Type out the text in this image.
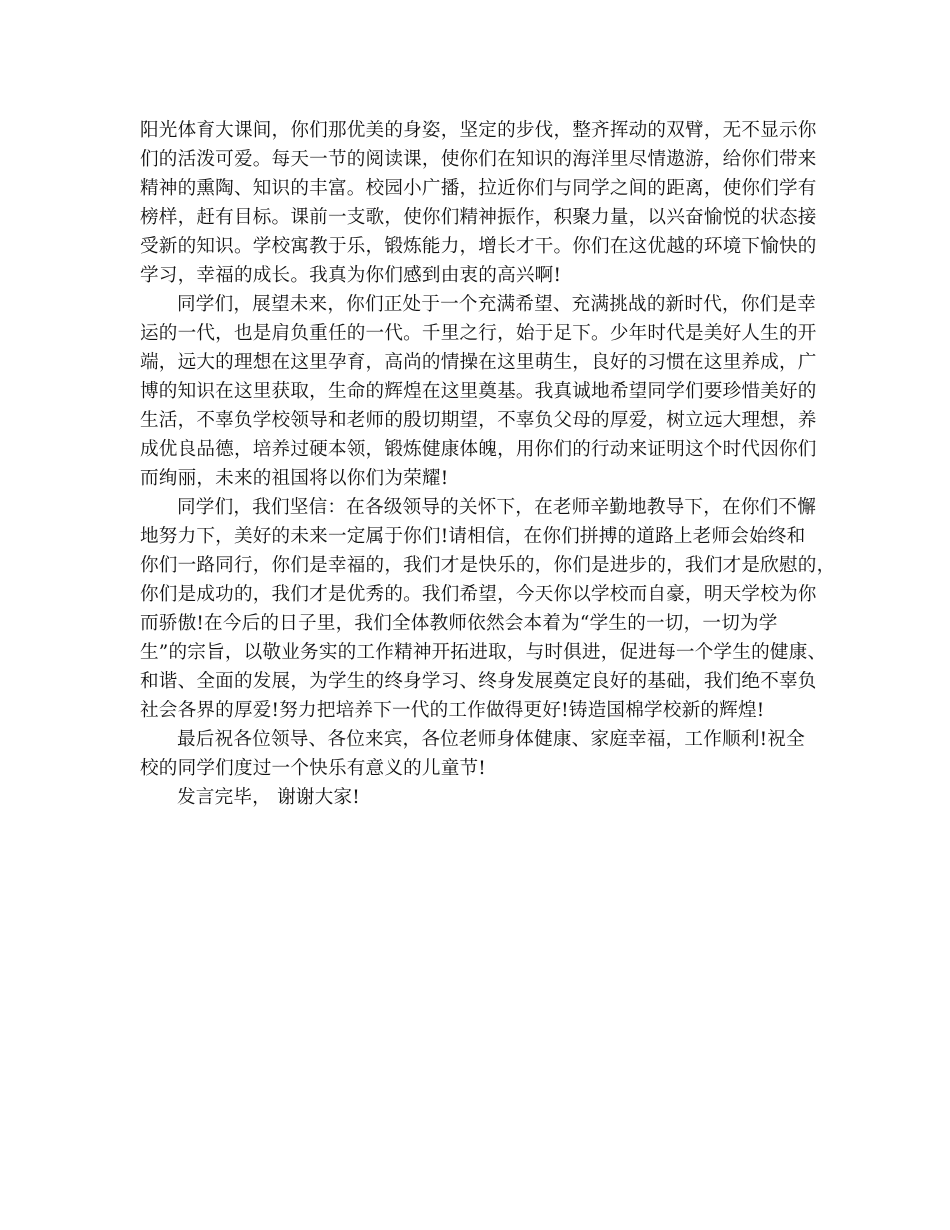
阳光体育大课间，你们那优美的身姿，坚定的步伐，整齐挥动的双臂，无不显示你
们的活泼可爱。每天一节的阅读课，使你们在知识的海洋里尽情遨游，给你们带来
精神的熏陶、知识的丰富。校园小广播，拉近你们与同学之间的距离，使你们学有
榜样，赶有目标。课前一支歌，使你们精神振作，积聚力量，以兴奋愉悦的状态接
受新的知识。学校寓教于乐，锻炼能力，增长才干。你们在这优越的环境下愉快的
学习，幸福的成长。我真为你们感到由衷的高兴啊!

同学们，展望未来，你们正处于一个充满希望、充满挑战的新时代，你们是幸
运的一代，也是肩负重任的一代。千里之行，始于足下。少年时代是美好人生的开
端，远大的理想在这里孕育，高尚的情操在这里萌生，良好的习惯在这里养成，广
博的知识在这里获取，生命的辉煌在这里奠基。我真诚地希望同学们要珍惜美好的
生活，不辜负学校领导和老师的殷切期望，不辜负父母的厚爱，树立远大理想，养
成优良品德，培养过硬本领，锻炼健康体魄，用你们的行动来证明这个时代因你们
而绚丽，未来的祖国将以你们为荣耀!

同学们，我们坚信：在各级领导的关怀下，在老师辛勤地教导下，在你们不懈
地努力下，美好的未来一定属于你们!请相信，在你们拼搏的道路上老师会始终和
你们一路同行，你们是幸福的，我们才是快乐的，你们是进步的，我们才是欣慰的，
你们是成功的，我们才是优秀的。我们希望，今天你以学校而自豪，明天学校为你
而骄傲!在今后的日子里，我们全体教师依然会本着为“学生的一切，一切为学
生”的宗旨，以敬业务实的工作精神开拓进取，与时俱进，促进每一个学生的健康、
和谐、全面的发展，为学生的终身学习、终身发展奠定良好的基础，我们绝不辜负
社会各界的厚爱!努力把培养下一代的工作做得更好!铸造国棉学校新的辉煌!

最后祝各位领导、各位来宾，各位老师身体健康、家庭幸福，工作顺利!祝全
校的同学们度过一个快乐有意义的儿童节!

发言完毕， 谢谢大家!
